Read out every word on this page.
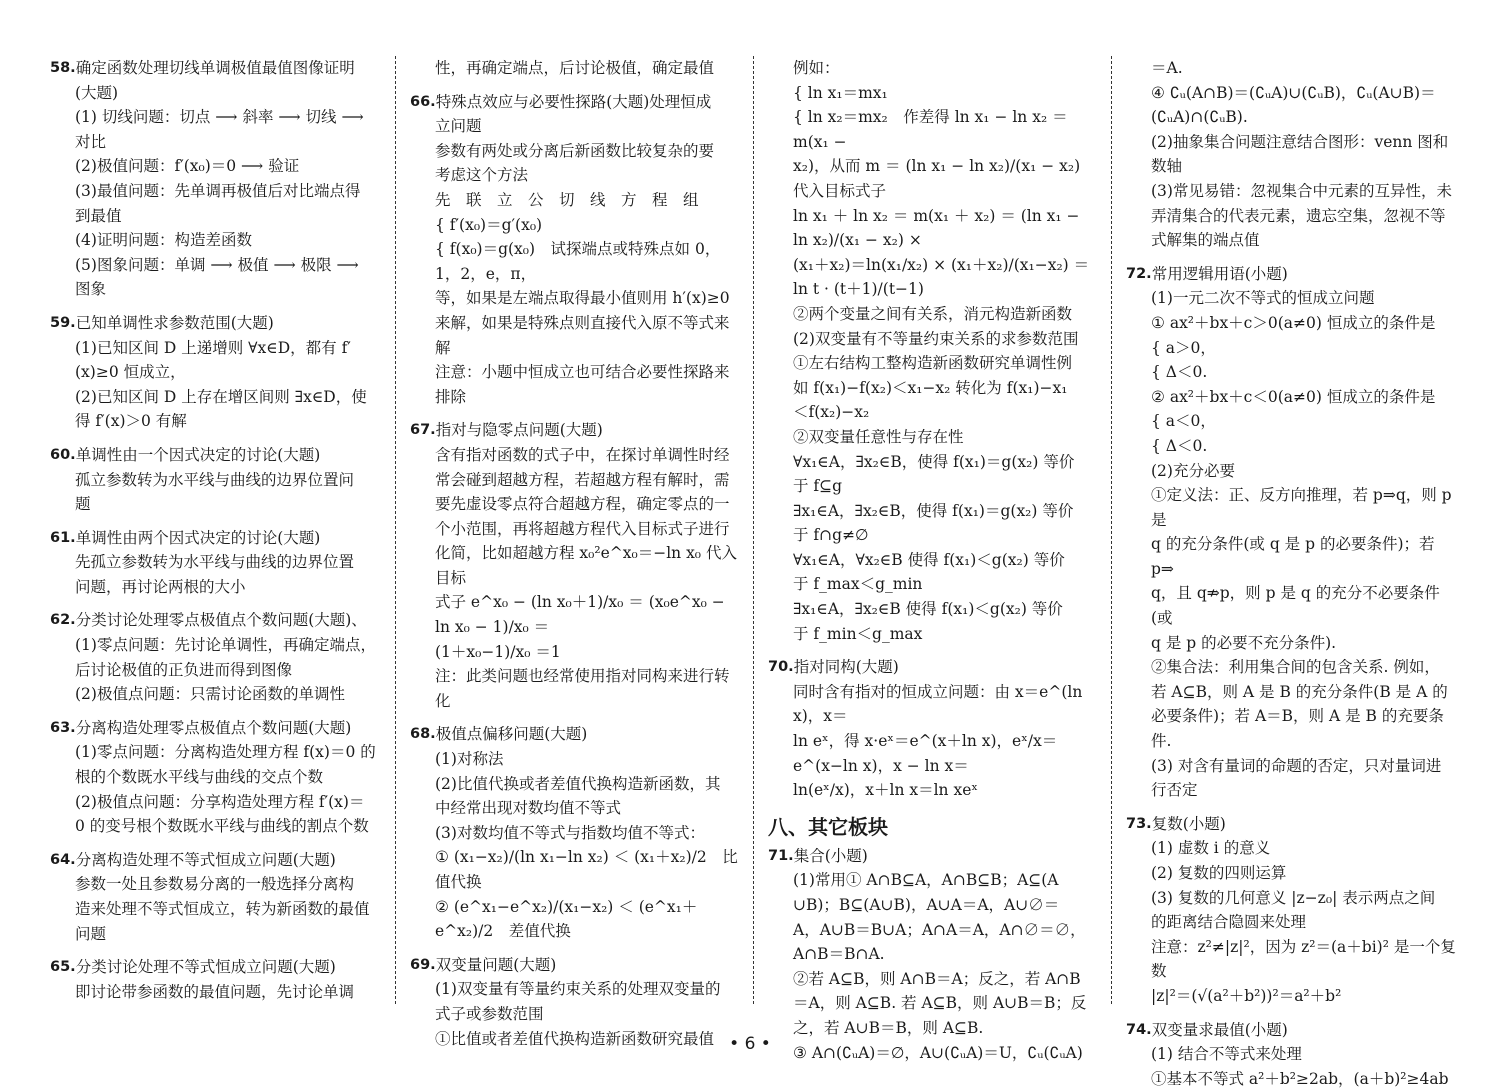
58. 确定函数处理切线单调极值最值图像证明
(大题)
(1) 切线问题：切点 ⟶ 斜率 ⟶ 切线 ⟶
对比
(2)极值问题：f′(x₀)＝0 ⟶ 验证
(3)最值问题：先单调再极值后对比端点得
到最值
(4)证明问题：构造差函数
(5)图象问题：单调 ⟶ 极值 ⟶ 极限 ⟶
图象
59. 已知单调性求参数范围(大题)
(1)已知区间 D 上递增则 ∀x∈D，都有 f′
(x)≥0 恒成立，
(2)已知区间 D 上存在增区间则 ∃x∈D，使
得 f′(x)＞0 有解
60. 单调性由一个因式决定的讨论(大题)
孤立参数转为水平线与曲线的边界位置问
题
61. 单调性由两个因式决定的讨论(大题)
先孤立参数转为水平线与曲线的边界位置
问题，再讨论两根的大小
62. 分类讨论处理零点极值点个数问题(大题)、
(1)零点问题：先讨论单调性，再确定端点，
后讨论极值的正负进而得到图像
(2)极值点问题：只需讨论函数的单调性
63. 分离构造处理零点极值点个数问题(大题)
(1)零点问题：分离构造处理方程 f(x)＝0 的
根的个数既水平线与曲线的交点个数
(2)极值点问题：分享构造处理方程 f′(x)＝
0 的变号根个数既水平线与曲线的割点个数
64. 分离构造处理不等式恒成立问题(大题)
参数一处且参数易分离的一般选择分离构
造来处理不等式恒成立，转为新函数的最值
问题
65. 分类讨论处理不等式恒成立问题(大题)
即讨论带参函数的最值问题，先讨论单调
性，再确定端点，后讨论极值，确定最值
66. 特殊点效应与必要性探路(大题)处理恒成
立问题
参数有两处或分离后新函数比较复杂的要
考虑这个方法
先　联　立　公　切　线　方　程　组
{ f′(x₀)＝g′(x₀)
{ f(x₀)＝g(x₀)　试探端点或特殊点如 0，1，2，e，π，
等，如果是左端点取得最小值则用 h′(x)≥0
来解，如果是特殊点则直接代入原不等式来
解
注意：小题中恒成立也可结合必要性探路来
排除
67. 指对与隐零点问题(大题)
含有指对函数的式子中，在探讨单调性时经
常会碰到超越方程，若超越方程有解时，需
要先虚设零点符合超越方程，确定零点的一
个小范围，再将超越方程代入目标式子进行
化简，比如超越方程 x₀²e^x₀＝−ln x₀ 代入目标
式子 e^x₀ − (ln x₀＋1)/x₀ ＝ (x₀e^x₀ − ln x₀ − 1)/x₀ ＝
(1＋x₀−1)/x₀ ＝1
注：此类问题也经常使用指对同构来进行转
化
68. 极值点偏移问题(大题)
(1)对称法
(2)比值代换或者差值代换构造新函数，其
中经常出现对数均值不等式
(3)对数均值不等式与指数均值不等式：
① (x₁−x₂)/(ln x₁−ln x₂) ＜ (x₁＋x₂)/2　比值代换
② (e^x₁−e^x₂)/(x₁−x₂) ＜ (e^x₁＋e^x₂)/2　差值代换
69. 双变量问题(大题)
(1)双变量有等量约束关系的处理双变量的
式子或参数范围
①比值或者差值代换构造新函数研究最值
例如：
{ ln x₁＝mx₁
{ ln x₂＝mx₂　作差得 ln x₁ − ln x₂ ＝ m(x₁ −
x₂)，从而 m ＝ (ln x₁ − ln x₂)/(x₁ − x₂) 代入目标式子
ln x₁ ＋ ln x₂ ＝ m(x₁ ＋ x₂) ＝ (ln x₁ − ln x₂)/(x₁ − x₂) ×
(x₁＋x₂)＝ln(x₁/x₂) × (x₁＋x₂)/(x₁−x₂) ＝ ln t · (t＋1)/(t−1)
②两个变量之间有关系，消元构造新函数
(2)双变量有不等量约束关系的求参数范围
①左右结构工整构造新函数研究单调性例
如 f(x₁)−f(x₂)＜x₁−x₂ 转化为 f(x₁)−x₁
＜f(x₂)−x₂
②双变量任意性与存在性
∀x₁∈A，∃x₂∈B，使得 f(x₁)＝g(x₂) 等价
于 f⊆g
∃x₁∈A，∃x₂∈B，使得 f(x₁)＝g(x₂) 等价
于 f∩g≠∅
∀x₁∈A，∀x₂∈B 使得 f(x₁)＜g(x₂) 等价
于 f_max＜g_min
∃x₁∈A，∃x₂∈B 使得 f(x₁)＜g(x₂) 等价
于 f_min＜g_max
70. 指对同构(大题)
同时含有指对的恒成立问题：由 x＝e^(ln x)，x＝
ln eˣ，得 x·eˣ＝e^(x＋ln x)，eˣ/x＝e^(x−ln x)，x − ln x＝
ln(eˣ/x)，x＋ln x＝ln xeˣ
八、其它板块
71. 集合(小题)
(1)常用① A∩B⊆A，A∩B⊆B；A⊆(A
∪B)；B⊆(A∪B)，A∪A＝A，A∪∅＝
A，A∪B＝B∪A；A∩A＝A，A∩∅＝∅，
A∩B＝B∩A.
②若 A⊆B，则 A∩B＝A；反之，若 A∩B
＝A，则 A⊆B. 若 A⊆B，则 A∪B＝B；反
之，若 A∪B＝B，则 A⊆B.
③ A∩(∁ᵤA)＝∅，A∪(∁ᵤA)＝U，∁ᵤ(∁ᵤA)
＝A.
④ ∁ᵤ(A∩B)＝(∁ᵤA)∪(∁ᵤB)，∁ᵤ(A∪B)＝
(∁ᵤA)∩(∁ᵤB).
(2)抽象集合问题注意结合图形：venn 图和
数轴
(3)常见易错：忽视集合中元素的互异性，未
弄清集合的代表元素，遗忘空集，忽视不等
式解集的端点值
72. 常用逻辑用语(小题)
(1)一元二次不等式的恒成立问题
① ax²＋bx＋c＞0(a≠0) 恒成立的条件是
{ a＞0，
{ Δ＜0.
② ax²＋bx＋c＜0(a≠0) 恒成立的条件是
{ a＜0，
{ Δ＜0.
(2)充分必要
①定义法：正、反方向推理，若 p⇒q，则 p 是
q 的充分条件(或 q 是 p 的必要条件)；若 p⇒
q，且 q⇏p，则 p 是 q 的充分不必要条件(或
q 是 p 的必要不充分条件).
②集合法：利用集合间的包含关系. 例如，
若 A⊆B，则 A 是 B 的充分条件(B 是 A 的
必要条件)；若 A＝B，则 A 是 B 的充要条件.
(3) 对含有量词的命题的否定，只对量词进
行否定
73. 复数(小题)
(1) 虚数 i 的意义
(2) 复数的四则运算
(3) 复数的几何意义 |z−z₀| 表示两点之间
的距离结合隐圆来处理
注意：z²≠|z|²，因为 z²＝(a＋bi)² 是一个复
数
|z|²＝(√(a²＋b²))²＝a²＋b²
74. 双变量求最值(小题)
(1) 结合不等式来处理
①基本不等式 a²＋b²≥2ab，(a＋b)²≥4ab
• 6 •
